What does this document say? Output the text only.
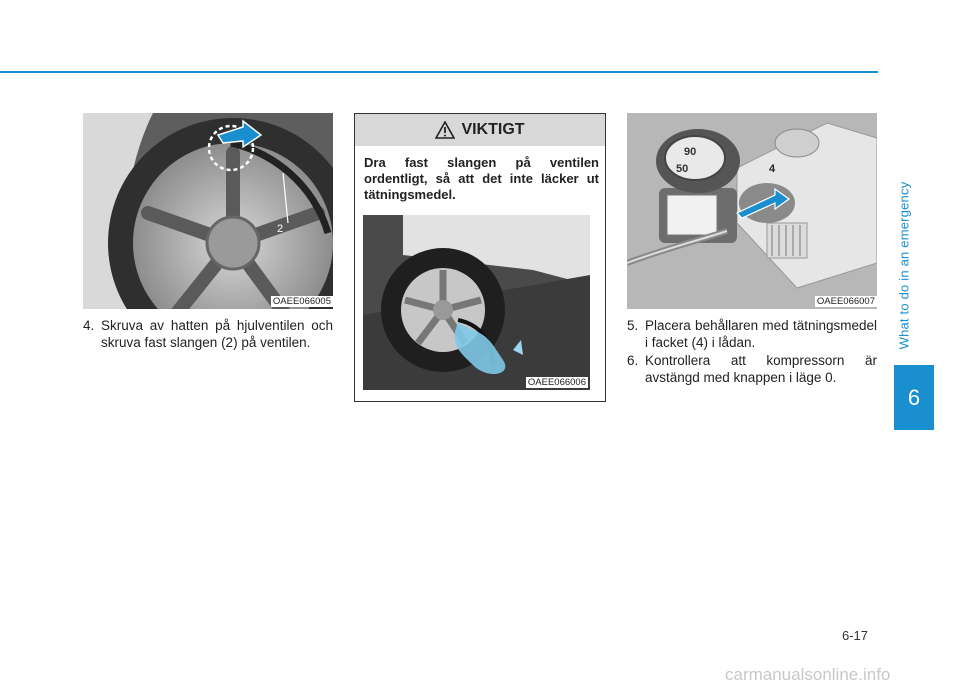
What to do in an emergency
6
2
OAEE066005
4. Skruva av hatten på hjulventilen och skruva fast slangen (2) på ventilen.
VIKTIGT
Dra fast slangen på ventilen ordentligt, så att det inte läcker ut tätningsmedel.
OAEE066006
90
50	4
OAEE066007
5. Placera behållaren med tätningsmedel i facket (4) i lådan.
6. Kontrollera att kompressorn är avstängd med knappen i läge 0.
6-17
carmanualsonline.info
